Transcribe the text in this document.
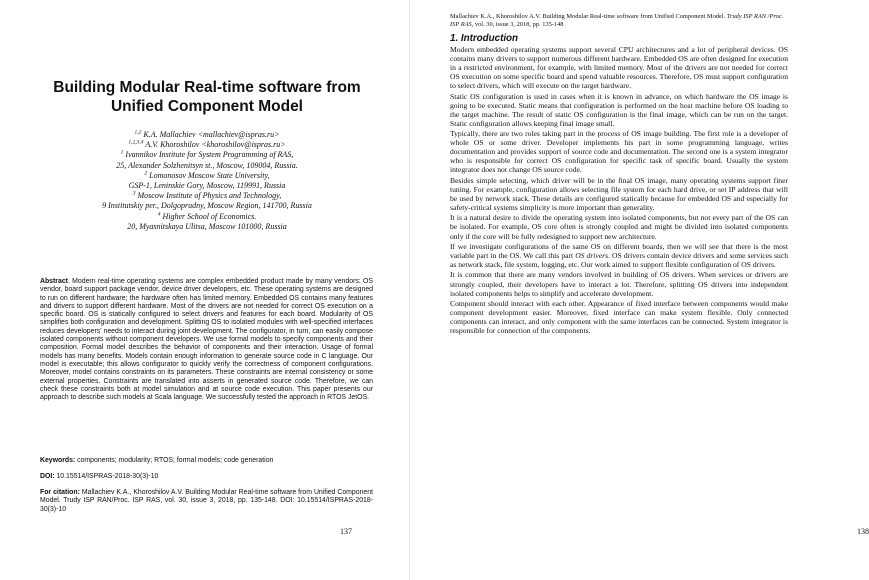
Building Modular Real-time software from Unified Component Model
$^{1,2}$ K.A. Mallachiev <mallachiev@ispras.ru>
$^{1,2,3,4}$ A.V. Khoroshilov <khoroshilov@ispras.ru>
$^1$ Ivannikov Institute for System Programming of RAS,
25, Alexander Solzhenitsyn st., Moscow, 109004, Russia.
$^2$ Lomonosov Moscow State University,
GSP-1, Leninskie Gory, Moscow, 119991, Russia
$^3$ Moscow Institute of Physics and Technology,
9 Institutskiy per., Dolgoprudny, Moscow Region, 141700, Russia
$^4$ Higher School of Economics.
20, Myasnitskaya Ulitsa, Moscow 101000, Russia

Abstract. Modern real-time operating systems are complex embedded product made by many vendors: OS vendor, board support package vendor, device driver developers, etc. These operating systems are designed to run on different hardware; the hardware often has limited memory. Embedded OS contains many features and drivers to support different hardware. Most of the drivers are not needed for correct OS execution on a specific board. OS is statically configured to select drivers and features for each board. Modularity of OS simplifies both configuration and development. Splitting OS to isolated modules with well-specified interfaces reduces developers' needs to interact during joint development. The configurator, in turn, can easily compose isolated components without component developers. We use formal models to specify components and their composition. Formal model describes the behavior of components and their interaction. Usage of formal models has many benefits. Models contain enough information to generate source code in C language. Our model is executable; this allows configurator to quickly verify the correctness of component configurations. Moreover, model contains constraints on its parameters. These constraints are internal consistency or some external properties. Constraints are translated into asserts in generated source code. Therefore, we can check these constraints both at model simulation and at source code execution. This paper presents our approach to describe such models at Scala language. We successfully tested the approach in RTOS JetOS.

Keywords: components; modularity; RTOS; formal models; code generation

DOI: 10.15514/ISPRAS-2018-30(3)-10

For citation: Mallachiev K.A., Khoroshilov A.V. Building Modular Real-time software from Unified Component Model. Trudy ISP RAN/Proc. ISP RAS, vol. 30, issue 3, 2018, pp. 135-148. DOI: 10.15514/ISPRAS-2018-30(3)-10

137
Mallachiev K.A., Khoroshilov A.V. Building Modular Real-time software from Unified Component Model. Trudy ISP RAN /Proc. ISP RAS, vol. 30, issue 3, 2018, pp. 135-148
1. Introduction

Modern embedded operating systems support several CPU architectures and a lot of peripheral devices. OS contains many drivers to support numerous different hardware. Embedded OS are often designed for execution in a restricted environment, for example, with limited memory. Most of the drivers are not needed for correct OS execution on some specific board and spend valuable resources. Therefore, OS must support configuration to select drivers, which will execute on the target hardware.

Static OS configuration is used in cases when it is known in advance, on which hardware the OS image is going to be executed. Static means that configuration is performed on the host machine before OS loading to the target machine. The result of static OS configuration is the final image, which can be run on the target. Static configuration allows keeping final image small.

Typically, there are two roles taking part in the process of OS image building. The first role is a developer of whole OS or some driver. Developer implements his part in some programming language, writes documentation and provides support of source code and documentation. The second one is a system integrator who is responsible for correct OS configuration for specific task of specific board. Usually the system integrator does not change OS source code.

Besides simple selecting, which driver will be in the final OS image, many operating systems support finer tuning. For example, configuration allows selecting file system for each hard drive, or set IP address that will be used by network stack. These details are configured statically because for embedded OS and especially for safety-critical systems simplicity is more important than generality.

It is a natural desire to divide the operating system into isolated components, but not every part of the OS can be isolated. For example, OS core often is strongly coupled and might be divided into isolated components only if the core will be fully redesigned to support new architecture.

If we investigate configurations of the same OS on different boards, then we will see that there is the most variable part in the OS. We call this part OS drivers. OS drivers contain device drivers and some services such as network stack, file system, logging, etc. Our work aimed to support flexible configuration of OS drivers.

It is common that there are many vendors involved in building of OS drivers. When services or drivers are strongly coupled, their developers have to interact a lot. Therefore, splitting OS drivers into independent isolated components helps to simplify and accelerate development.

Component should interact with each other. Appearance of fixed interface between components would make component development easier. Moreover, fixed interface can make system flexible. Only connected components can interact, and only component with the same interfaces can be connected. System integrator is responsible for connection of the components.

138
